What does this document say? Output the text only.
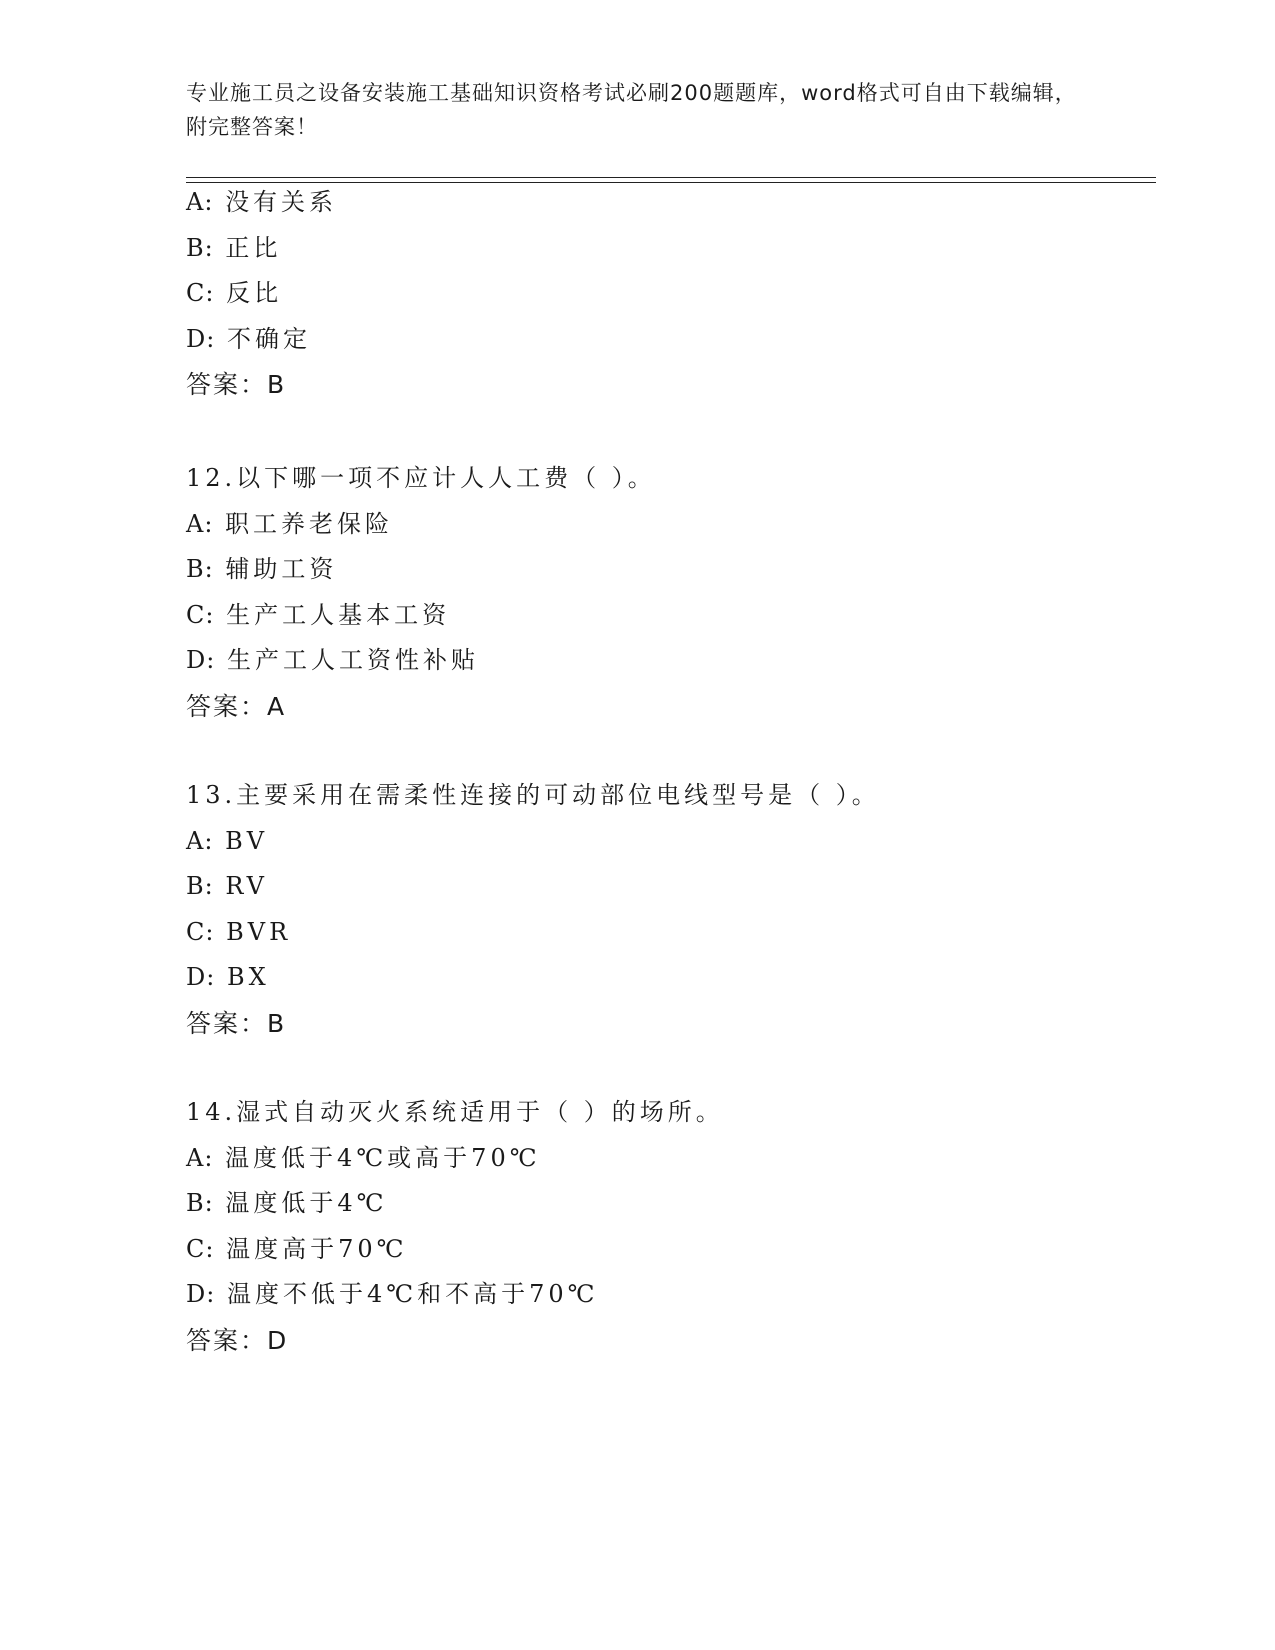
专业施工员之设备安装施工基础知识资格考试必刷200题题库，word格式可自由下载编辑，附完整答案！
A: 没有关系
B: 正比
C: 反比
D: 不确定
答案：B
12.以下哪一项不应计人人工费（ ）。
A: 职工养老保险
B: 辅助工资
C: 生产工人基本工资
D: 生产工人工资性补贴
答案：A
13.主要采用在需柔性连接的可动部位电线型号是（ ）。
A: BV
B: RV
C: BVR
D: BX
答案：B
14.湿式自动灭火系统适用于（ ）的场所。
A: 温度低于4℃或高于70℃
B: 温度低于4℃
C: 温度高于70℃
D: 温度不低于4℃和不高于70℃
答案：D
